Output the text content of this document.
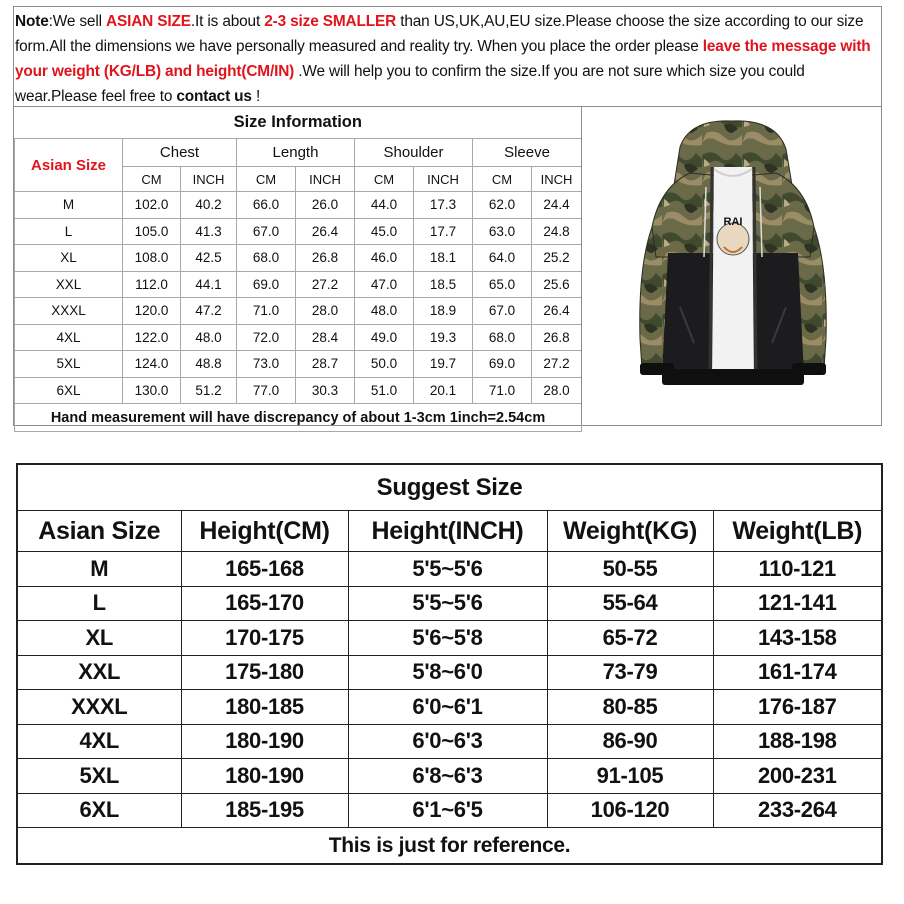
Note:We sell ASIAN SIZE.It is about 2-3 size SMALLER than US,UK,AU,EU size.Please choose the size according to our size form.All the dimensions we have personally measured and reality try. When you place the order please leave the message with your weight (KG/LB) and height(CM/IN) .We will help you to confirm the size.If you are not sure which size you could wear.Please feel free to contact us !
Size Information								
Asian Size	Chest		Length		Shoulder		Sleeve	
	CM	INCH	CM	INCH	CM	INCH	CM	INCH
M	102.0	40.2	66.0	26.0	44.0	17.3	62.0	24.4
L	105.0	41.3	67.0	26.4	45.0	17.7	63.0	24.8
XL	108.0	42.5	68.0	26.8	46.0	18.1	64.0	25.2
XXL	112.0	44.1	69.0	27.2	47.0	18.5	65.0	25.6
XXXL	120.0	47.2	71.0	28.0	48.0	18.9	67.0	26.4
4XL	122.0	48.0	72.0	28.4	49.0	19.3	68.0	26.8
5XL	124.0	48.8	73.0	28.7	50.0	19.7	69.0	27.2
6XL	130.0	51.2	77.0	30.3	51.0	20.1	71.0	28.0
Hand measurement will have discrepancy of about 1-3cm 1inch=2.54cm								
RAI
Suggest Size				
Asian Size	Height(CM)	Height(INCH)	Weight(KG)	Weight(LB)
M	165-168	5'5~5'6	50-55	110-121
L	165-170	5'5~5'6	55-64	121-141
XL	170-175	5'6~5'8	65-72	143-158
XXL	175-180	5'8~6'0	73-79	161-174
XXXL	180-185	6'0~6'1	80-85	176-187
4XL	180-190	6'0~6'3	86-90	188-198
5XL	180-190	6'8~6'3	91-105	200-231
6XL	185-195	6'1~6'5	106-120	233-264
This is just for reference.				
